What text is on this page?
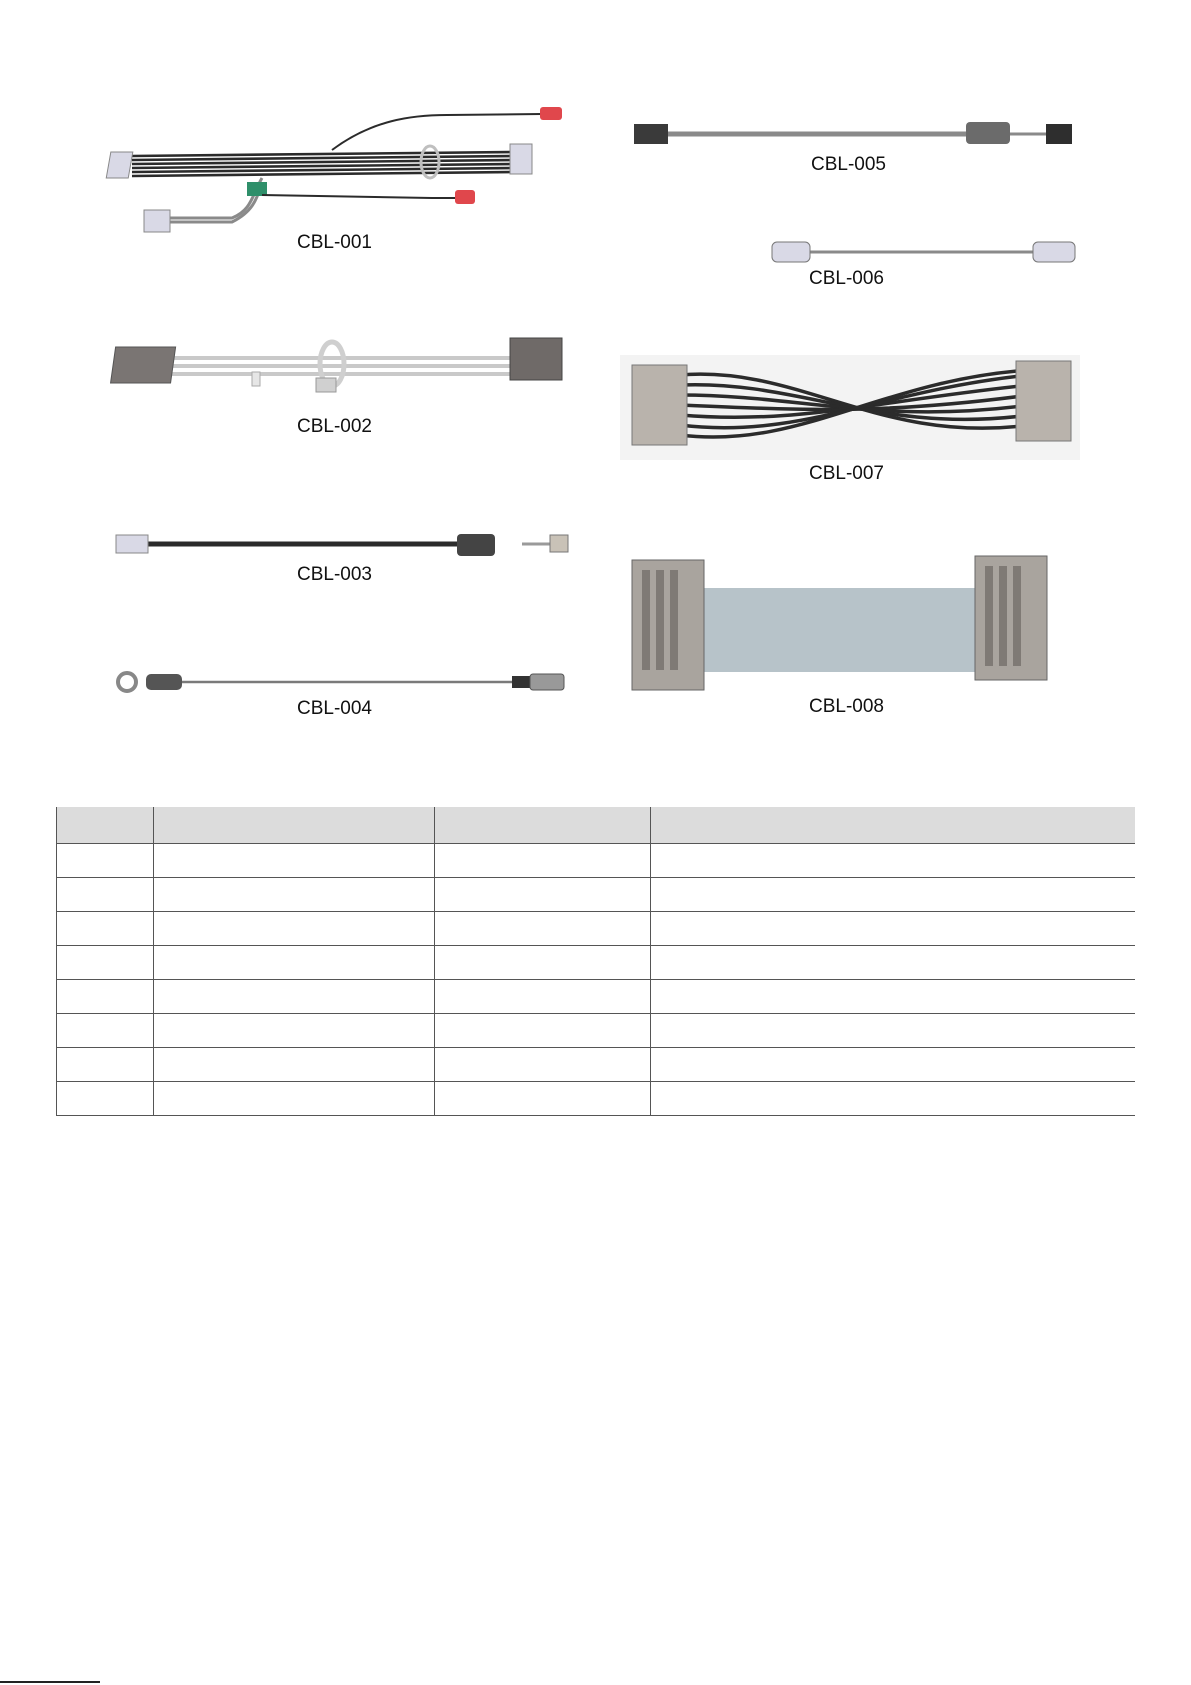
CBL-001
CBL-002
CBL-003
CBL-004
CBL-005
CBL-006
CBL-007
CBL-008
